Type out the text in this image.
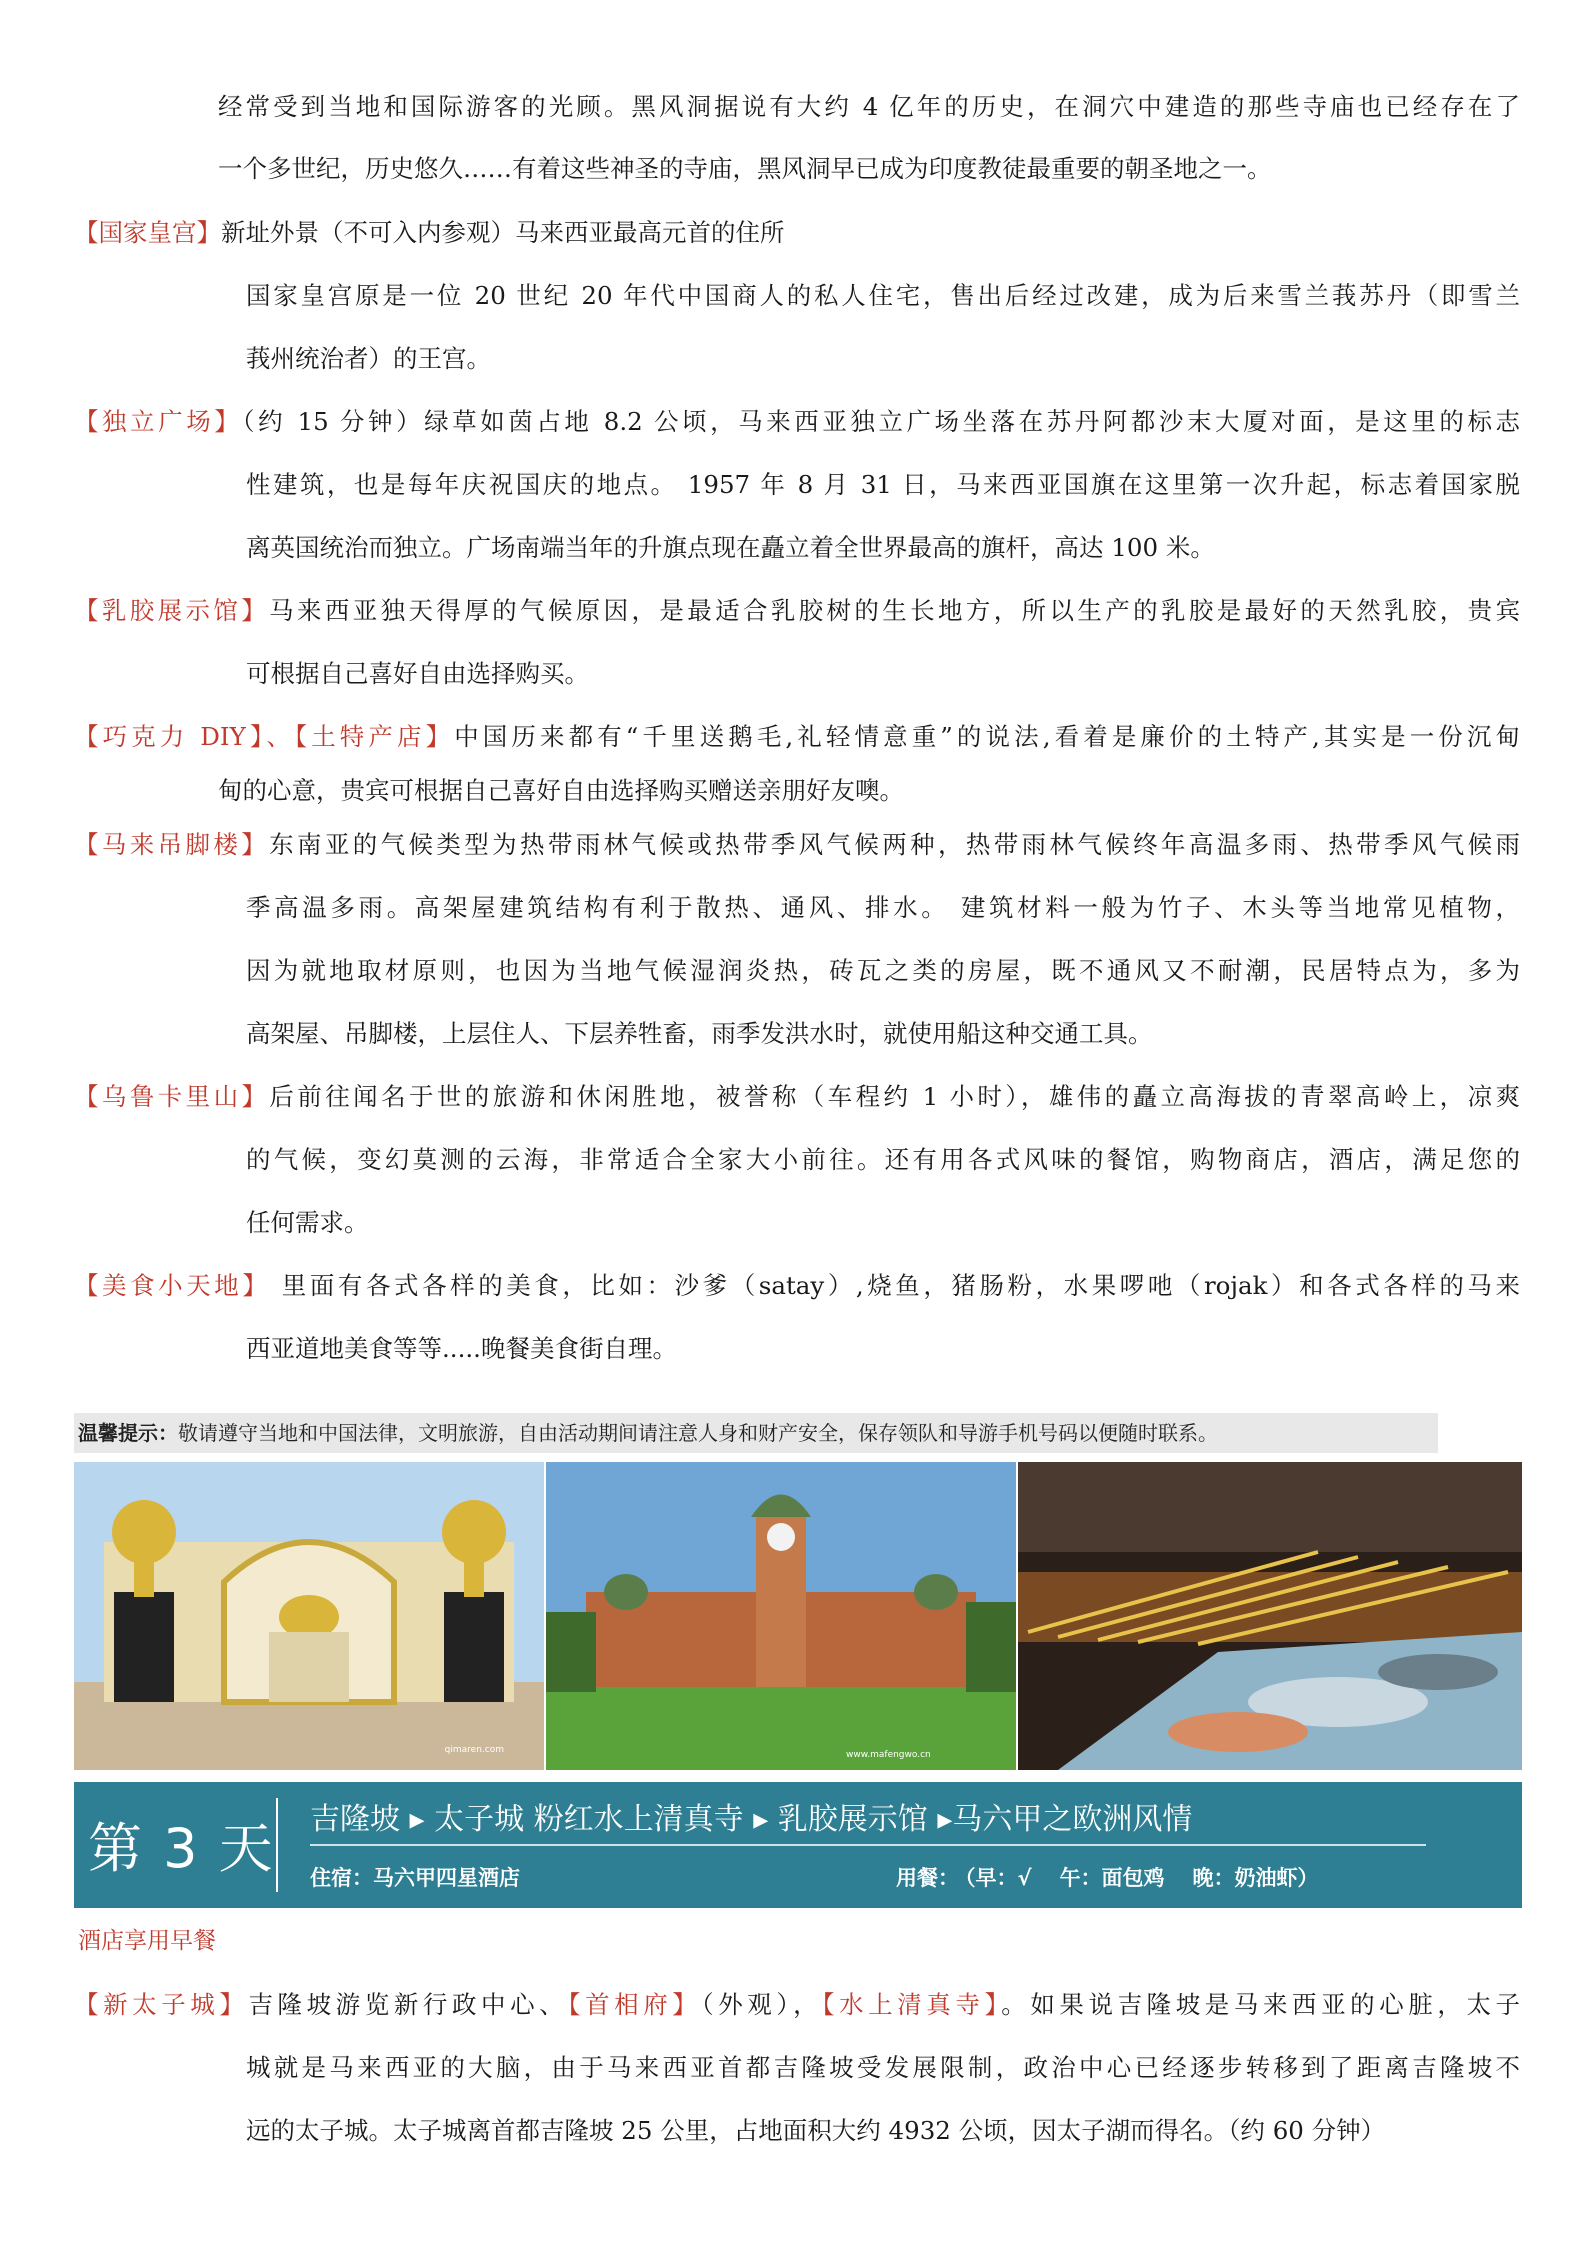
经常受到当地和国际游客的光顾。黑风洞据说有大约 4 亿年的历史，在洞穴中建造的那些寺庙也已经存在了
一个多世纪，历史悠久……有着这些神圣的寺庙，黑风洞早已成为印度教徒最重要的朝圣地之一。
【国家皇宫】新址外景（不可入内参观）马来西亚最高元首的住所
国家皇宫原是一位 20 世纪 20 年代中国商人的私人住宅，售出后经过改建，成为后来雪兰莪苏丹（即雪兰
莪州统治者）的王宫。
【独立广场】（约 15 分钟）绿草如茵占地 8.2 公顷，马来西亚独立广场坐落在苏丹阿都沙末大厦对面，是这里的标志
性建筑，也是每年庆祝国庆的地点。 1957 年 8 月 31 日，马来西亚国旗在这里第一次升起，标志着国家脱
离英国统治而独立。广场南端当年的升旗点现在矗立着全世界最高的旗杆，高达 100 米。
【乳胶展示馆】马来西亚独天得厚的气候原因，是最适合乳胶树的生长地方，所以生产的乳胶是最好的天然乳胶，贵宾
可根据自己喜好自由选择购买。
【巧克力 DIY】、【土特产店】中国历来都有“千里送鹅毛,礼轻情意重”的说法,看着是廉价的土特产,其实是一份沉甸
甸的心意，贵宾可根据自己喜好自由选择购买赠送亲朋好友噢。
【马来吊脚楼】东南亚的气候类型为热带雨林气候或热带季风气候两种，热带雨林气候终年高温多雨、热带季风气候雨
季高温多雨。高架屋建筑结构有利于散热、通风、排水。 建筑材料一般为竹子、木头等当地常见植物，
因为就地取材原则，也因为当地气候湿润炎热，砖瓦之类的房屋，既不通风又不耐潮，民居特点为，多为
高架屋、吊脚楼，上层住人、下层养牲畜，雨季发洪水时，就使用船这种交通工具。
【乌鲁卡里山】后前往闻名于世的旅游和休闲胜地，被誉称（车程约 1 小时），雄伟的矗立高海拔的青翠高岭上，凉爽
的气候，变幻莫测的云海，非常适合全家大小前往。还有用各式风味的餐馆，购物商店，酒店，满足您的
任何需求。
【美食小天地】 里面有各式各样的美食，比如：沙爹（satay）,烧鱼，猪肠粉，水果啰吔（rojak）和各式各样的马来
西亚道地美食等等.....晚餐美食街自理。
温馨提示：敬请遵守当地和中国法律，文明旅游，自由活动期间请注意人身和财产安全，保存领队和导游手机号码以便随时联系。
qimaren.com	www.mafengwo.cn
第 3 天 吉隆坡 ▸ 太子城 粉红水上清真寺 ▸ 乳胶展示馆 ▸马六甲之欧洲风情
住宿：马六甲四星酒店	用餐： （早：√ 午：面包鸡 晚：奶油虾）
酒店享用早餐
【新太子城】吉隆坡游览新行政中心、【首相府】（外观），【水上清真寺】。如果说吉隆坡是马来西亚的心脏，太子
城就是马来西亚的大脑，由于马来西亚首都吉隆坡受发展限制，政治中心已经逐步转移到了距离吉隆坡不
远的太子城。太子城离首都吉隆坡 25 公里，占地面积大约 4932 公顷，因太子湖而得名。（约 60 分钟）
